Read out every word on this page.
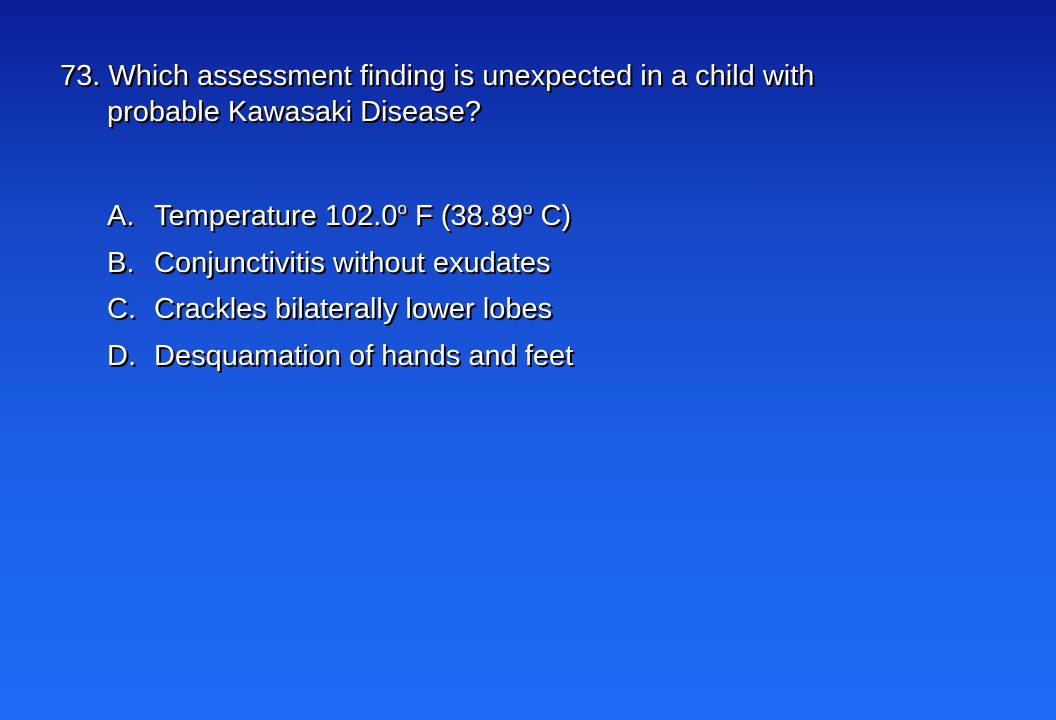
73. Which assessment finding is unexpected in a child with
probable Kawasaki Disease?
A. Temperature 102.0$^o$ F (38.89$^o$ C)
B. Conjunctivitis without exudates
C. Crackles bilaterally lower lobes
D. Desquamation of hands and feet
